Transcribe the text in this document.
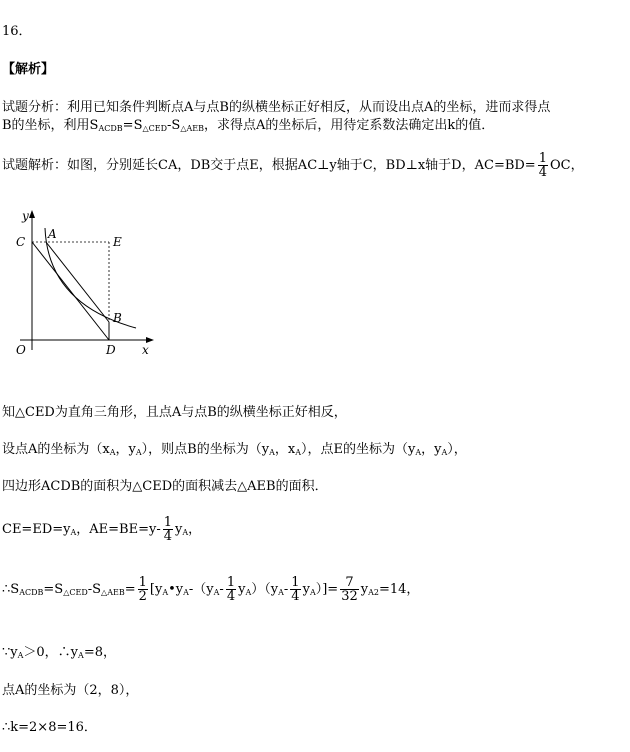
16．
【解析】
试题分析：利用已知条件判断点A与点B的纵横坐标正好相反，从而设出点A的坐标，进而求得点
B的坐标，利用$S_{ACDB}=S_{\triangle CED}-S_{\triangle AEB}$，求得点A的坐标后，用待定系数法确定出k的值．
试题解析：如图，分别延长CA，DB交于点E，根据AC⊥y轴于C，BD⊥x轴于D，$AC=BD= \frac{1}{4}$ OC，
C
A
E
B
D
O
y
x
知△CED为直角三角形，且点A与点B的纵横坐标正好相反，
设点A的坐标为（$x_A$，$y_A$），则点B的坐标为（$y_A$，$x_A$），点E的坐标为（$y_A$，$y_A$），
四边形ACDB的面积为△CED的面积减去△AEB的面积．
$CE=ED=y_A$，$AE=BE=y- \frac{1}{4} y_A$，
$\therefore S_{ACDB}=S_{\triangle CED}-S_{\triangle AEB}= \frac{1}{2}$ $[y_A•y_A-(y_A- \frac{1}{4} y_A)(y_A- \frac{1}{4} y_A)]= \frac{7}{32} y_{A2}=14$，
$\because y_A>0$，$\therefore y_A=8$，
点A的坐标为（2，8），
∴k=2×8=16．
